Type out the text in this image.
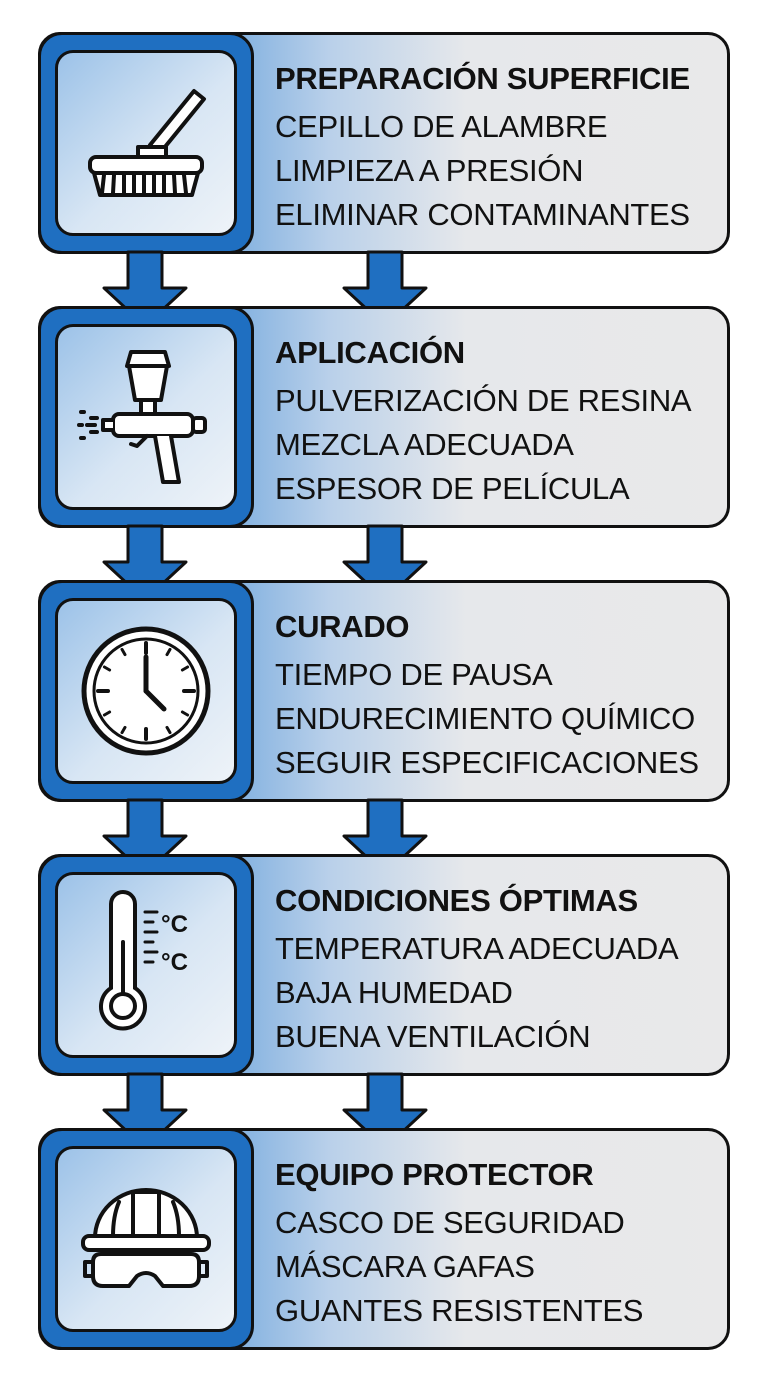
PREPARACIÓN SUPERFICIE
CEPILLO DE ALAMBRE
LIMPIEZA A PRESIÓN
ELIMINAR CONTAMINANTES
APLICACIÓN
PULVERIZACIÓN DE RESINA
MEZCLA ADECUADA
ESPESOR DE PELÍCULA
CURADO
TIEMPO DE PAUSA
ENDURECIMIENTO QUÍMICO
SEGUIR ESPECIFICACIONES
°C
°C
CONDICIONES ÓPTIMAS
TEMPERATURA ADECUADA
BAJA HUMEDAD
BUENA VENTILACIÓN
EQUIPO PROTECTOR
CASCO DE SEGURIDAD
MÁSCARA GAFAS
GUANTES RESISTENTES
